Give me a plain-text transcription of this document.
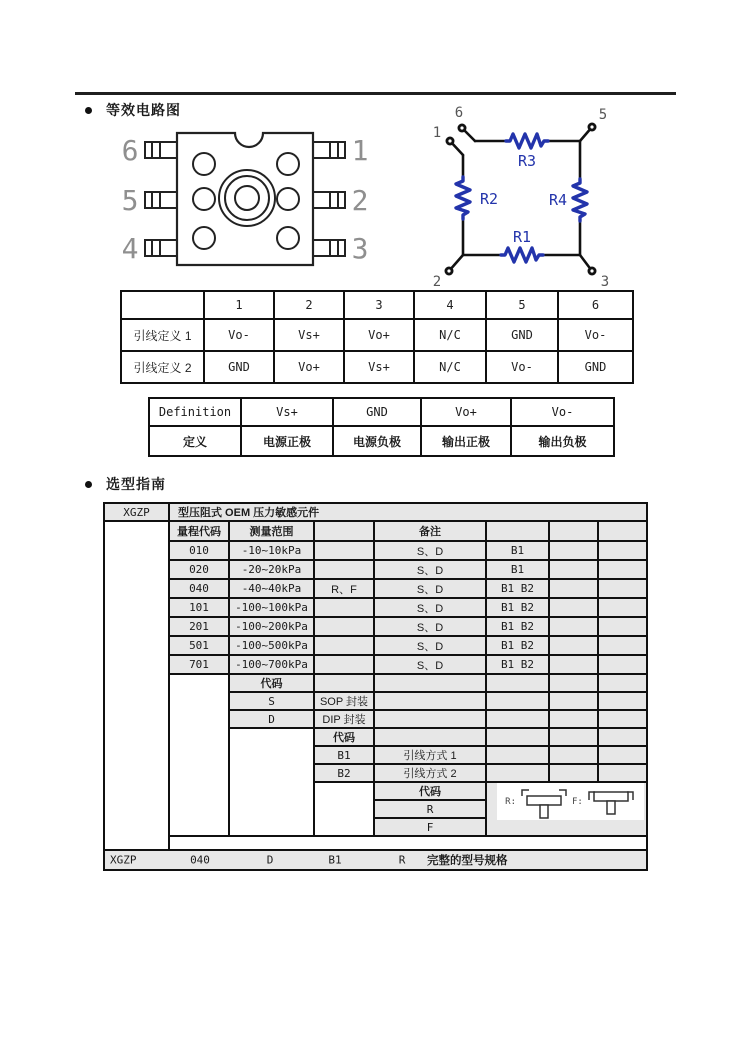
等效电路图
6
5
4
1
2
3
R3
R2	R4
R1
6
1
5
2	3
	1	2	3	4	5	6
引线定义 1	Vo-	Vs+	Vo+	N/C	GND	Vo-
引线定义 2	GND	Vo+	Vs+	N/C	Vo-	GND
Definition	Vs+	GND	Vo+	Vo-
定义	电源正极	电源负极	输出正极	输出负极
选型指南
XGZP	型压阻式 OEM 压力敏感元件						
	量程代码	测量范围		备注			
	010	-10~10kPa		S、D	B1		
	020	-20~20kPa		S、D	B1		
	040	-40~40kPa	R、F	S、D	B1 B2		
	101	-100~100kPa		S、D	B1 B2		
	201	-100~200kPa		S、D	B1 B2		
	501	-100~500kPa		S、D	B1 B2		
	701	-100~700kPa		S、D	B1 B2		
		代码					
		S	SOP 封装				
		D	DIP 封装				
			代码				
			B1	引线方式 1			
			B2	引线方式 2			
				代码	R: F:		

				R			
				F			

XGZP	040	D	B1	R	完整的型号规格
